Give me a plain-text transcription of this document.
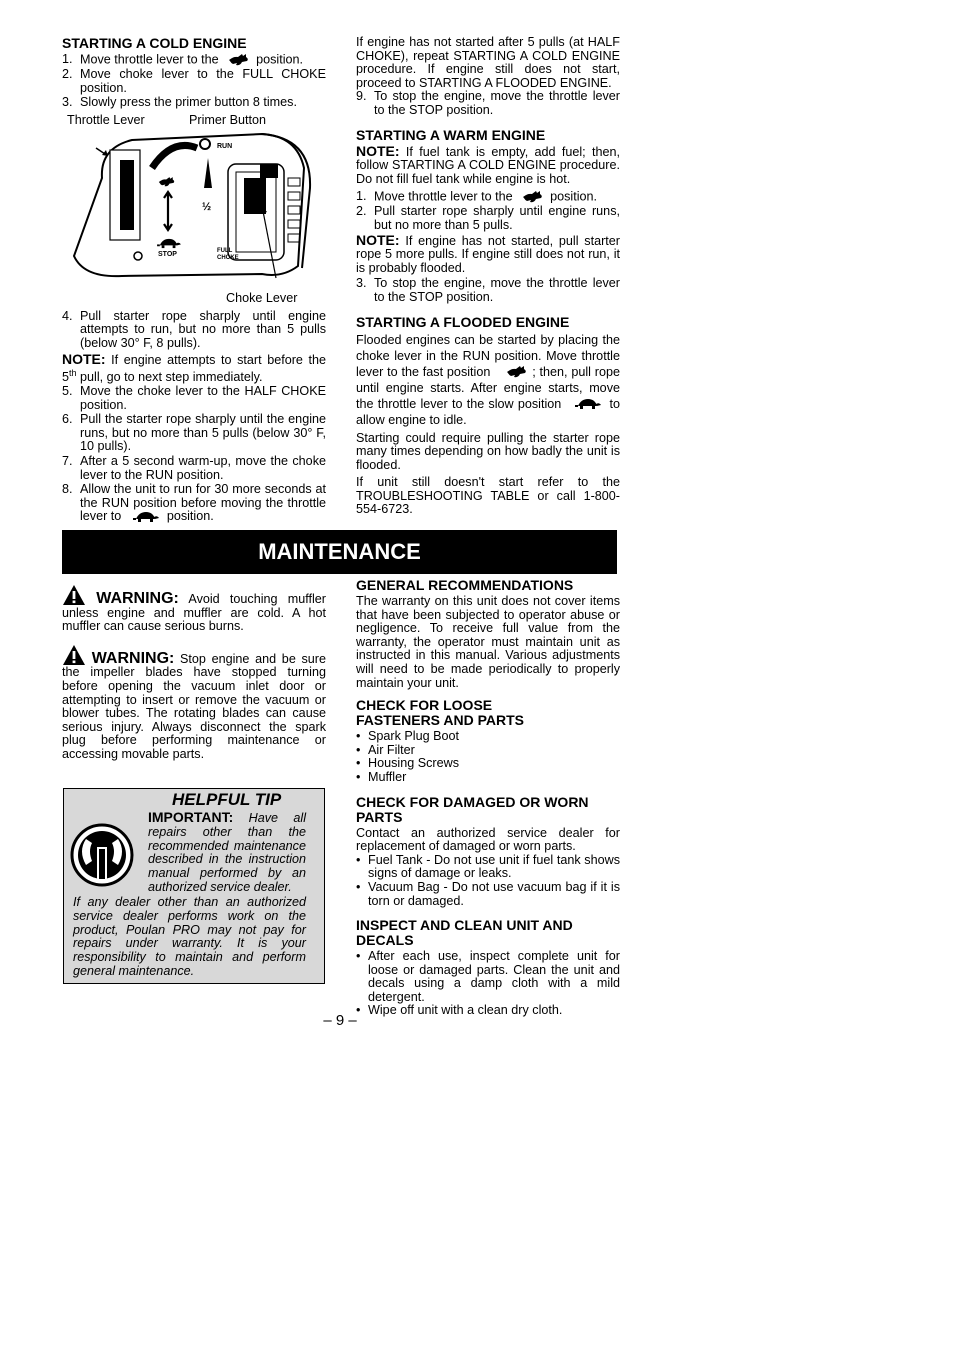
STARTING A COLD ENGINE
1. Move throttle lever to the	position.
2. Move choke lever to the FULL CHOKE position.
3. Slowly press the primer button 8 times.
Throttle Lever	Primer Button
RUN
STOP
½
FULL
CHOKE
Choke Lever
4. Pull starter rope sharply until engine attempts to run, but no more than 5 pulls (below 30° F, 8 pulls).

NOTE: If engine attempts to start before the 5th pull, go to next step immediately.

5. Move the choke lever to the HALF CHOKE position.
6. Pull the starter rope sharply until the engine runs, but no more than 5 pulls (below 30° F, 10 pulls).
7. After a 5 second warm-up, move the choke lever to the RUN position.
8. Allow the unit to run for 30 more seconds at the RUN position before moving the throttle lever to	position.

If engine has not started after 5 pulls (at HALF CHOKE), repeat STARTING A COLD ENGINE procedure. If engine still does not start, proceed to STARTING A FLOODED ENGINE.

9. To stop the engine, move the throttle lever to the STOP position.
STARTING A WARM ENGINE

NOTE: If fuel tank is empty, add fuel; then, follow STARTING A COLD ENGINE procedure. Do not fill fuel tank while engine is hot.

1. Move throttle lever to the	position.
2. Pull starter rope sharply until engine runs, but no more than 5 pulls.

NOTE: If engine has not started, pull starter rope 5 more pulls. If engine still does not run, it is probably flooded.

3. To stop the engine, move the throttle lever to the STOP position.
STARTING A FLOODED ENGINE

Flooded engines can be started by placing the choke lever in the RUN position. Move throttle lever to the fast position	; then, pull rope until engine starts. After engine starts, move the throttle lever to the slow position	to allow engine to idle.

Starting could require pulling the starter rope many times depending on how badly the unit is flooded.

If unit still doesn't start refer to the TROUBLESHOOTING TABLE or call 1-800-554-6723.

MAINTENANCE

WARNING: Avoid touching muffler unless engine and muffler are cold. A hot muffler can cause serious burns.

WARNING: Stop engine and be sure the impeller blades have stopped turning before opening the vacuum inlet door or attempting to insert or remove the vacuum or blower tubes. The rotating blades can cause serious injury. Always disconnect the spark plug before performing maintenance or accessing movable parts.

HELPFUL TIP
IMPORTANT: Have all repairs other than the recommended maintenance described in the instruction manual performed by an authorized service dealer.
If any dealer other than an authorized service dealer performs work on the product, Poulan PRO may not pay for repairs under warranty. It is your responsibility to maintain and perform general maintenance.
GENERAL RECOMMENDATIONS

The warranty on this unit does not cover items that have been subjected to operator abuse or negligence. To receive full value from the warranty, the operator must maintain unit as instructed in this manual. Various adjustments will need to be made periodically to properly maintain your unit.

CHECK FOR LOOSE
FASTENERS AND PARTS
• Spark Plug Boot
• Air Filter
• Housing Screws
• Muffler
CHECK FOR DAMAGED OR WORN PARTS

Contact an authorized service dealer for replacement of damaged or worn parts.

• Fuel Tank - Do not use unit if fuel tank shows signs of damage or leaks.
• Vacuum Bag - Do not use vacuum bag if it is torn or damaged.
INSPECT AND CLEAN UNIT AND DECALS
• After each use, inspect complete unit for loose or damaged parts. Clean the unit and decals using a damp cloth with a mild detergent.
• Wipe off unit with a clean dry cloth.
– 9 –
